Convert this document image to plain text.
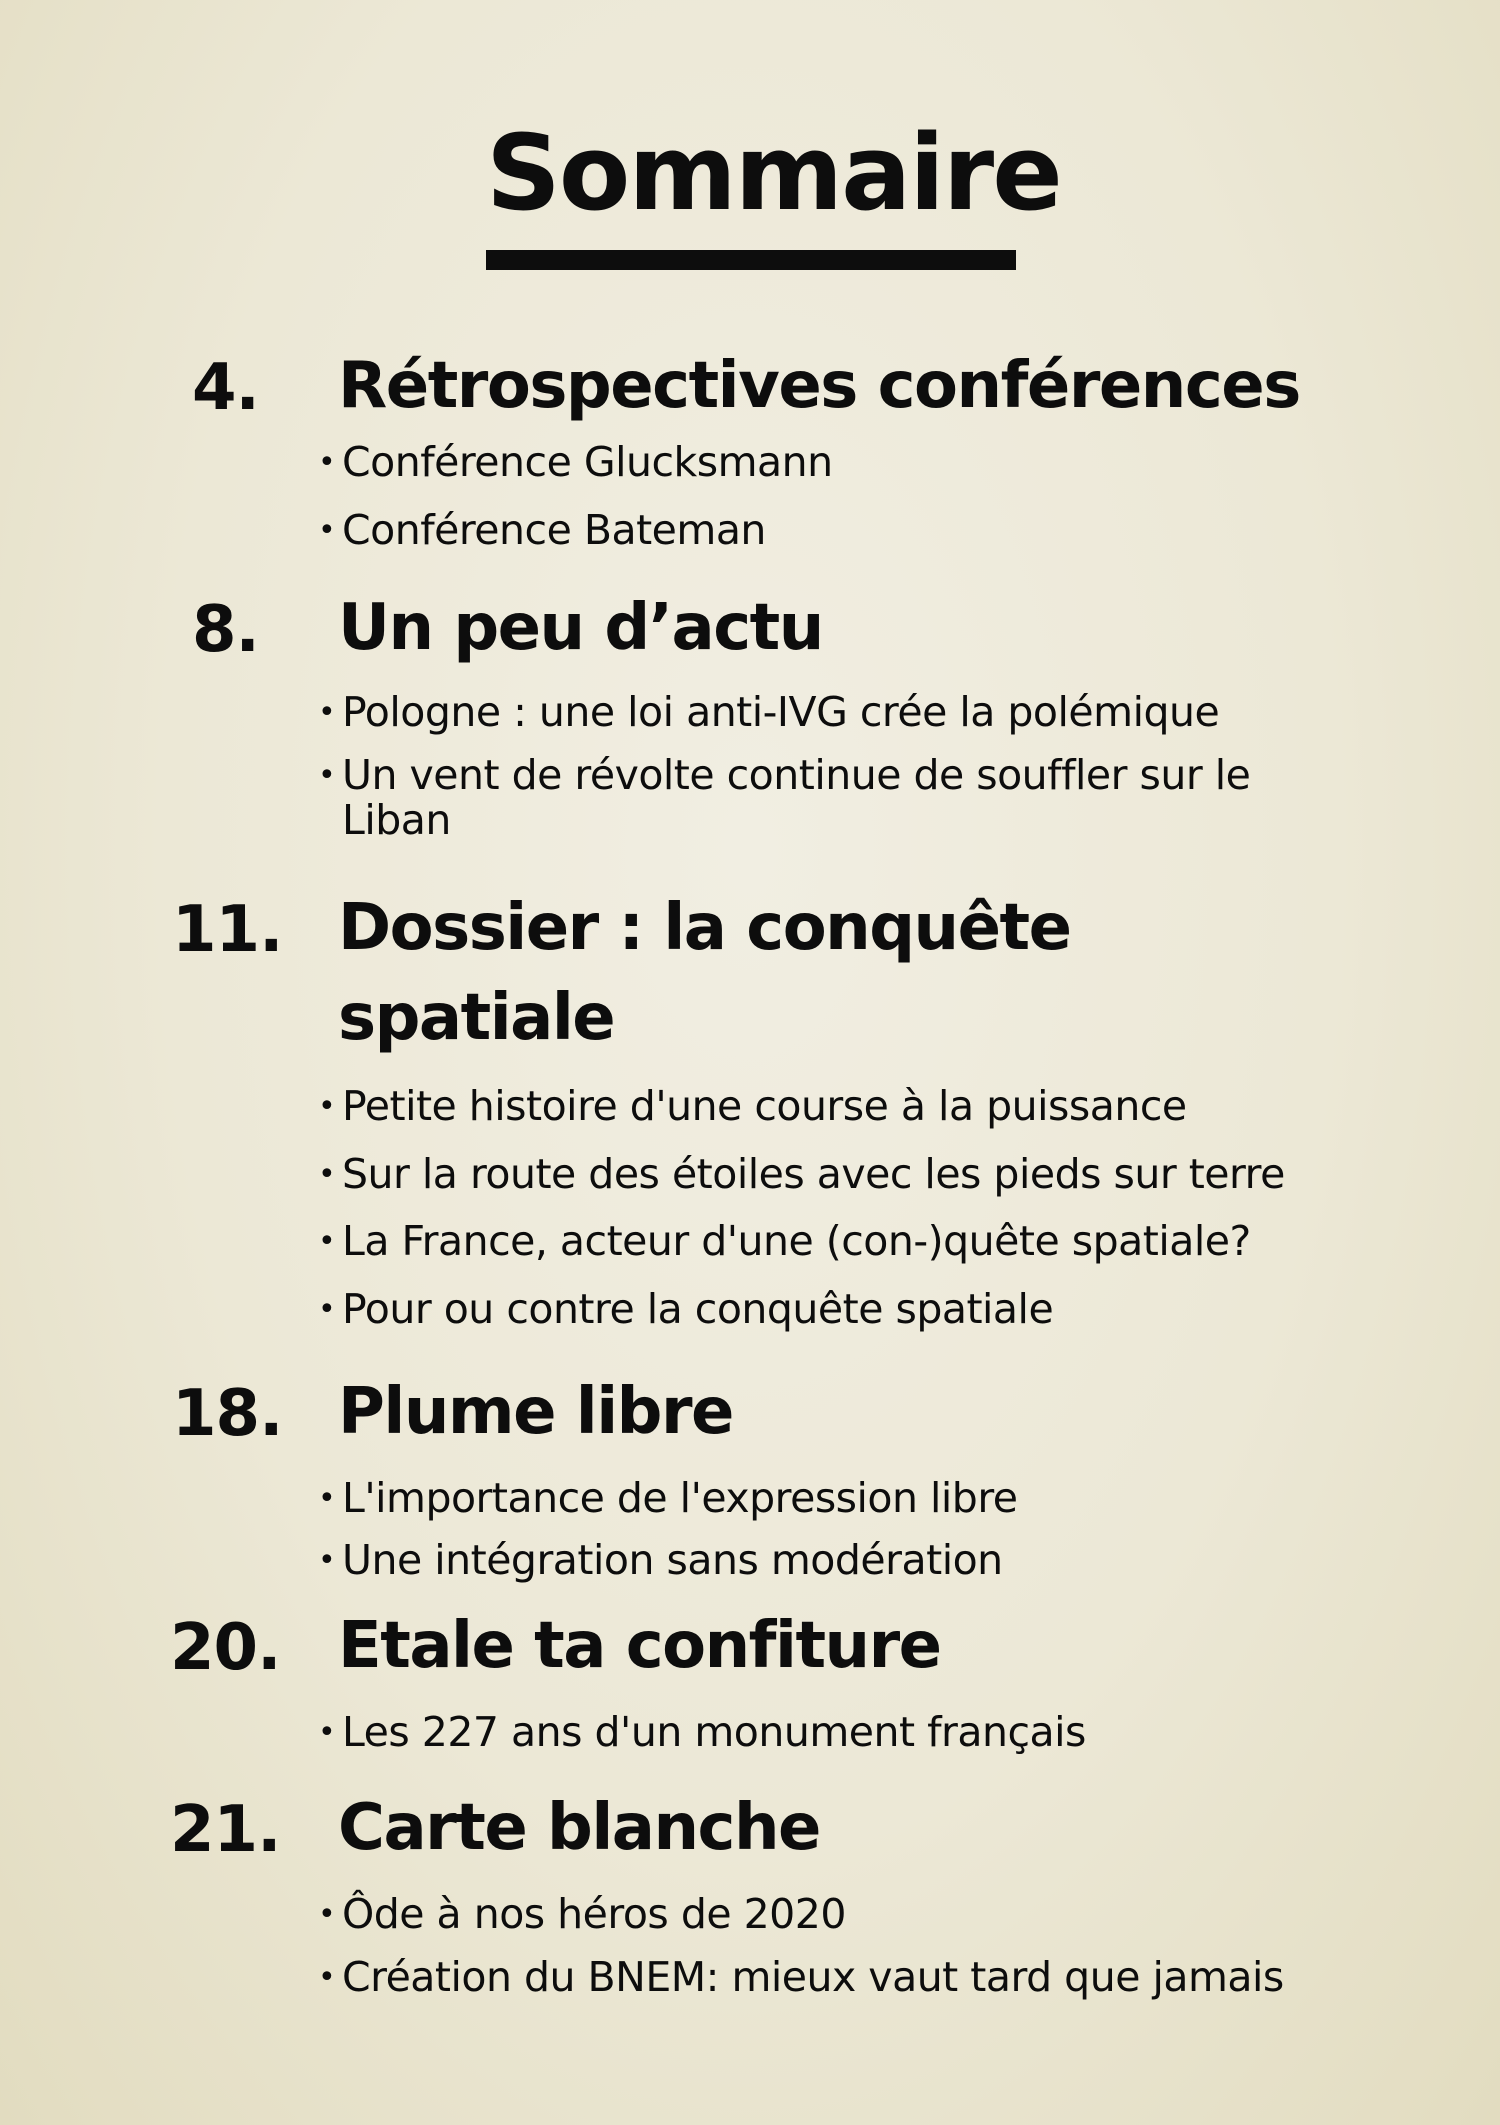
Sommaire
4. Rétrospectives conférences
• Conférence Glucksmann
• Conférence Bateman
8. Un peu d’actu
• Pologne : une loi anti-IVG crée la polémique
• Un vent de révolte continue de souffler sur le
Liban
11. Dossier : la conquête
spatiale
• Petite histoire d'une course à la puissance
• Sur la route des étoiles avec les pieds sur terre
• La France, acteur d'une (con-)quête spatiale?
• Pour ou contre la conquête spatiale
18. Plume libre
• L'importance de l'expression libre
• Une intégration sans modération
20. Etale ta confiture
• Les 227 ans d'un monument français
21. Carte blanche
• Ôde à nos héros de 2020
• Création du BNEM: mieux vaut tard que jamais
